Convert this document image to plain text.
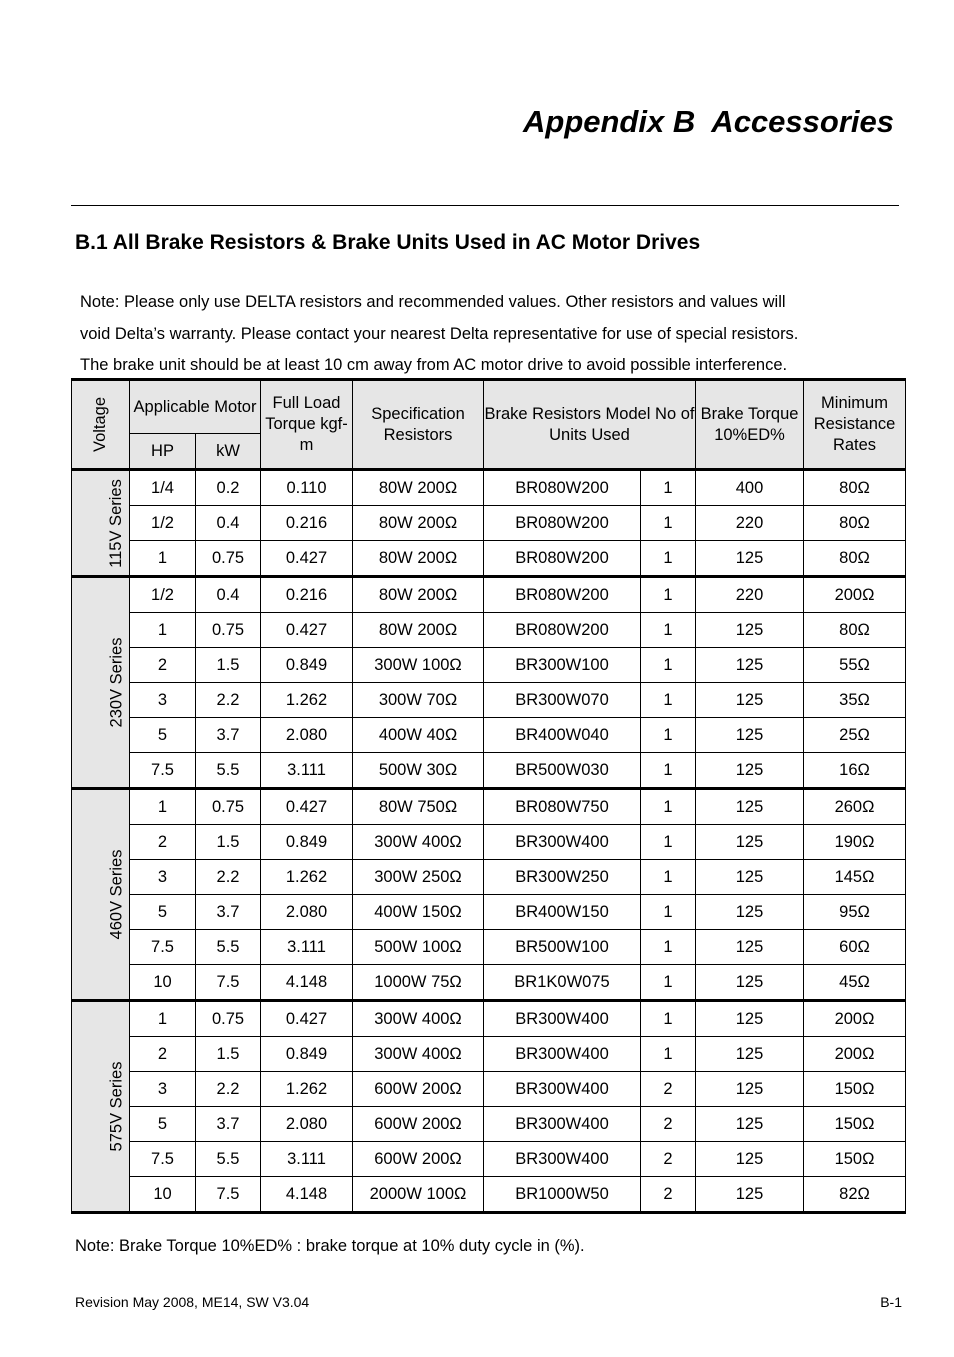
Appendix B  Accessories
B.1 All Brake Resistors & Brake Units Used in AC Motor Drives

Note: Please only use DELTA resistors and recommended values. Other resistors and values will

void Delta’s warranty. Please contact your nearest Delta representative for use of special resistors.

The brake unit should be at least 10 cm away from AC motor drive to avoid possible interference.

Voltage	Applicable Motor		Full Load Torque kgf-m	Specification Resistors	Brake Resistors Model No of Units Used		Brake Torque 10%ED%	Minimum Resistance Rates
	HP	kW						
115V Series	1/4	0.2	0.110	80W 200Ω	BR080W200	1	400	80Ω
	1/2	0.4	0.216	80W 200Ω	BR080W200	1	220	80Ω
	1	0.75	0.427	80W 200Ω	BR080W200	1	125	80Ω
230V Series	1/2	0.4	0.216	80W 200Ω	BR080W200	1	220	200Ω
	1	0.75	0.427	80W 200Ω	BR080W200	1	125	80Ω
	2	1.5	0.849	300W 100Ω	BR300W100	1	125	55Ω
	3	2.2	1.262	300W 70Ω	BR300W070	1	125	35Ω
	5	3.7	2.080	400W 40Ω	BR400W040	1	125	25Ω
	7.5	5.5	3.111	500W 30Ω	BR500W030	1	125	16Ω
460V Series	1	0.75	0.427	80W 750Ω	BR080W750	1	125	260Ω
	2	1.5	0.849	300W 400Ω	BR300W400	1	125	190Ω
	3	2.2	1.262	300W 250Ω	BR300W250	1	125	145Ω
	5	3.7	2.080	400W 150Ω	BR400W150	1	125	95Ω
	7.5	5.5	3.111	500W 100Ω	BR500W100	1	125	60Ω
	10	7.5	4.148	1000W 75Ω	BR1K0W075	1	125	45Ω
575V Series	1	0.75	0.427	300W 400Ω	BR300W400	1	125	200Ω
	2	1.5	0.849	300W 400Ω	BR300W400	1	125	200Ω
	3	2.2	1.262	600W 200Ω	BR300W400	2	125	150Ω
	5	3.7	2.080	600W 200Ω	BR300W400	2	125	150Ω
	7.5	5.5	3.111	600W 200Ω	BR300W400	2	125	150Ω
	10	7.5	4.148	2000W 100Ω	BR1000W50	2	125	82Ω

Note: Brake Torque 10%ED% : brake torque at 10% duty cycle in (%).

Revision May 2008, ME14, SW V3.04	B-1
